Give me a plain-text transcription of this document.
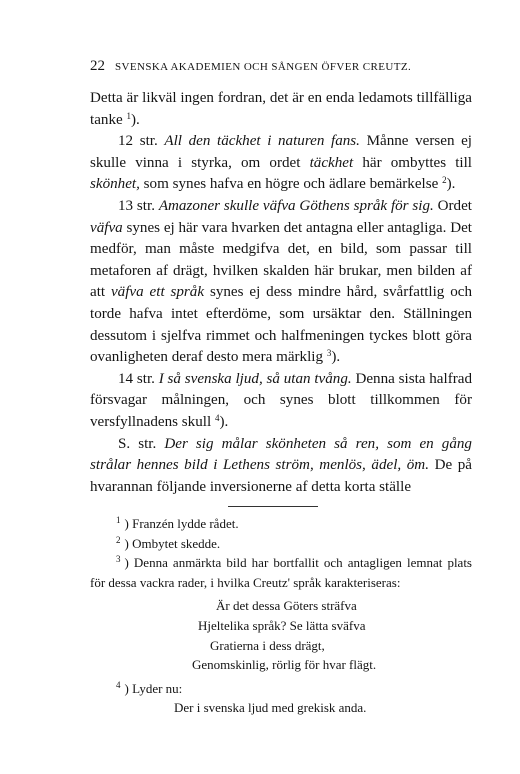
22 SVENSKA AKADEMIEN OCH SÅNGEN ÖFVER CREUTZ.

Detta är likväl ingen fordran, det är en enda ledamots tillfälliga tanke $^1$).

12 str. All den täckhet i naturen fans. Månne versen ej skulle vinna i styrka, om ordet täckhet här ombyttes till skönhet, som synes hafva en högre och ädlare bemärkelse $^2$).

13 str. Amazoner skulle väfva Göthens språk för sig. Ordet väfva synes ej här vara hvarken det antagna eller antagliga. Det medför, man måste medgifva det, en bild, som passar till metaforen af drägt, hvilken skalden här brukar, men bilden af att väfva ett språk synes ej dess mindre hård, svårfattlig och torde hafva intet efterdöme, som ursäktar den. Ställningen dessutom i sjelfva rimmet och halfmeningen tyckes blott göra ovanligheten deraf desto mera märklig $^3$).

14 str. I så svenska ljud, så utan tvång. Denna sista halfrad försvagar målningen, och synes blott tillkommen för versfyllnadens skull $^4$).

S. str. Der sig målar skönheten så ren, som en gång strålar hennes bild i Lethens ström, menlös, ädel, öm. De på hvarannan följande inversionerne af detta korta ställe

$^1$ ) Franzén lydde rådet.

$^2$ ) Ombytet skedde.

$^3$ ) Denna anmärkta bild har bortfallit och antagligen lemnat plats för dessa vackra rader, i hvilka Creutz' språk karakteriseras:

Är det dessa Göters sträfva
Hjeltelika språk? Se lätta sväfva
Gratierna i dess drägt,
Genomskinlig, rörlig för hvar flägt.

$^4$ ) Lyder nu:

Der i svenska ljud med grekisk anda.
